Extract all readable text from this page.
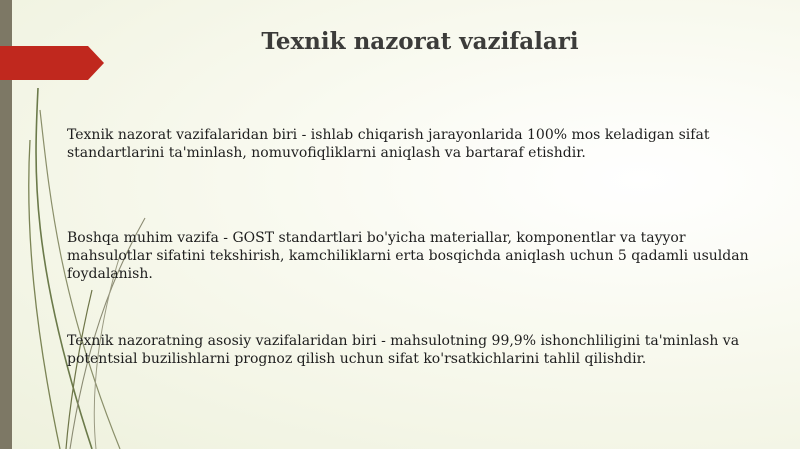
Texnik nazorat vazifalari

Texnik nazorat vazifalaridan biri - ishlab chiqarish jarayonlarida 100% mos keladigan sifat standartlarini ta'minlash, nomuvofiqliklarni aniqlash va bartaraf etishdir.

Boshqa muhim vazifa - GOST standartlari bo'yicha materiallar, komponentlar va tayyor mahsulotlar sifatini tekshirish, kamchiliklarni erta bosqichda aniqlash uchun 5 qadamli usuldan foydalanish.

Texnik nazoratning asosiy vazifalaridan biri - mahsulotning 99,9% ishonchliligini ta'minlash va potentsial buzilishlarni prognoz qilish uchun sifat ko'rsatkichlarini tahlil qilishdir.
